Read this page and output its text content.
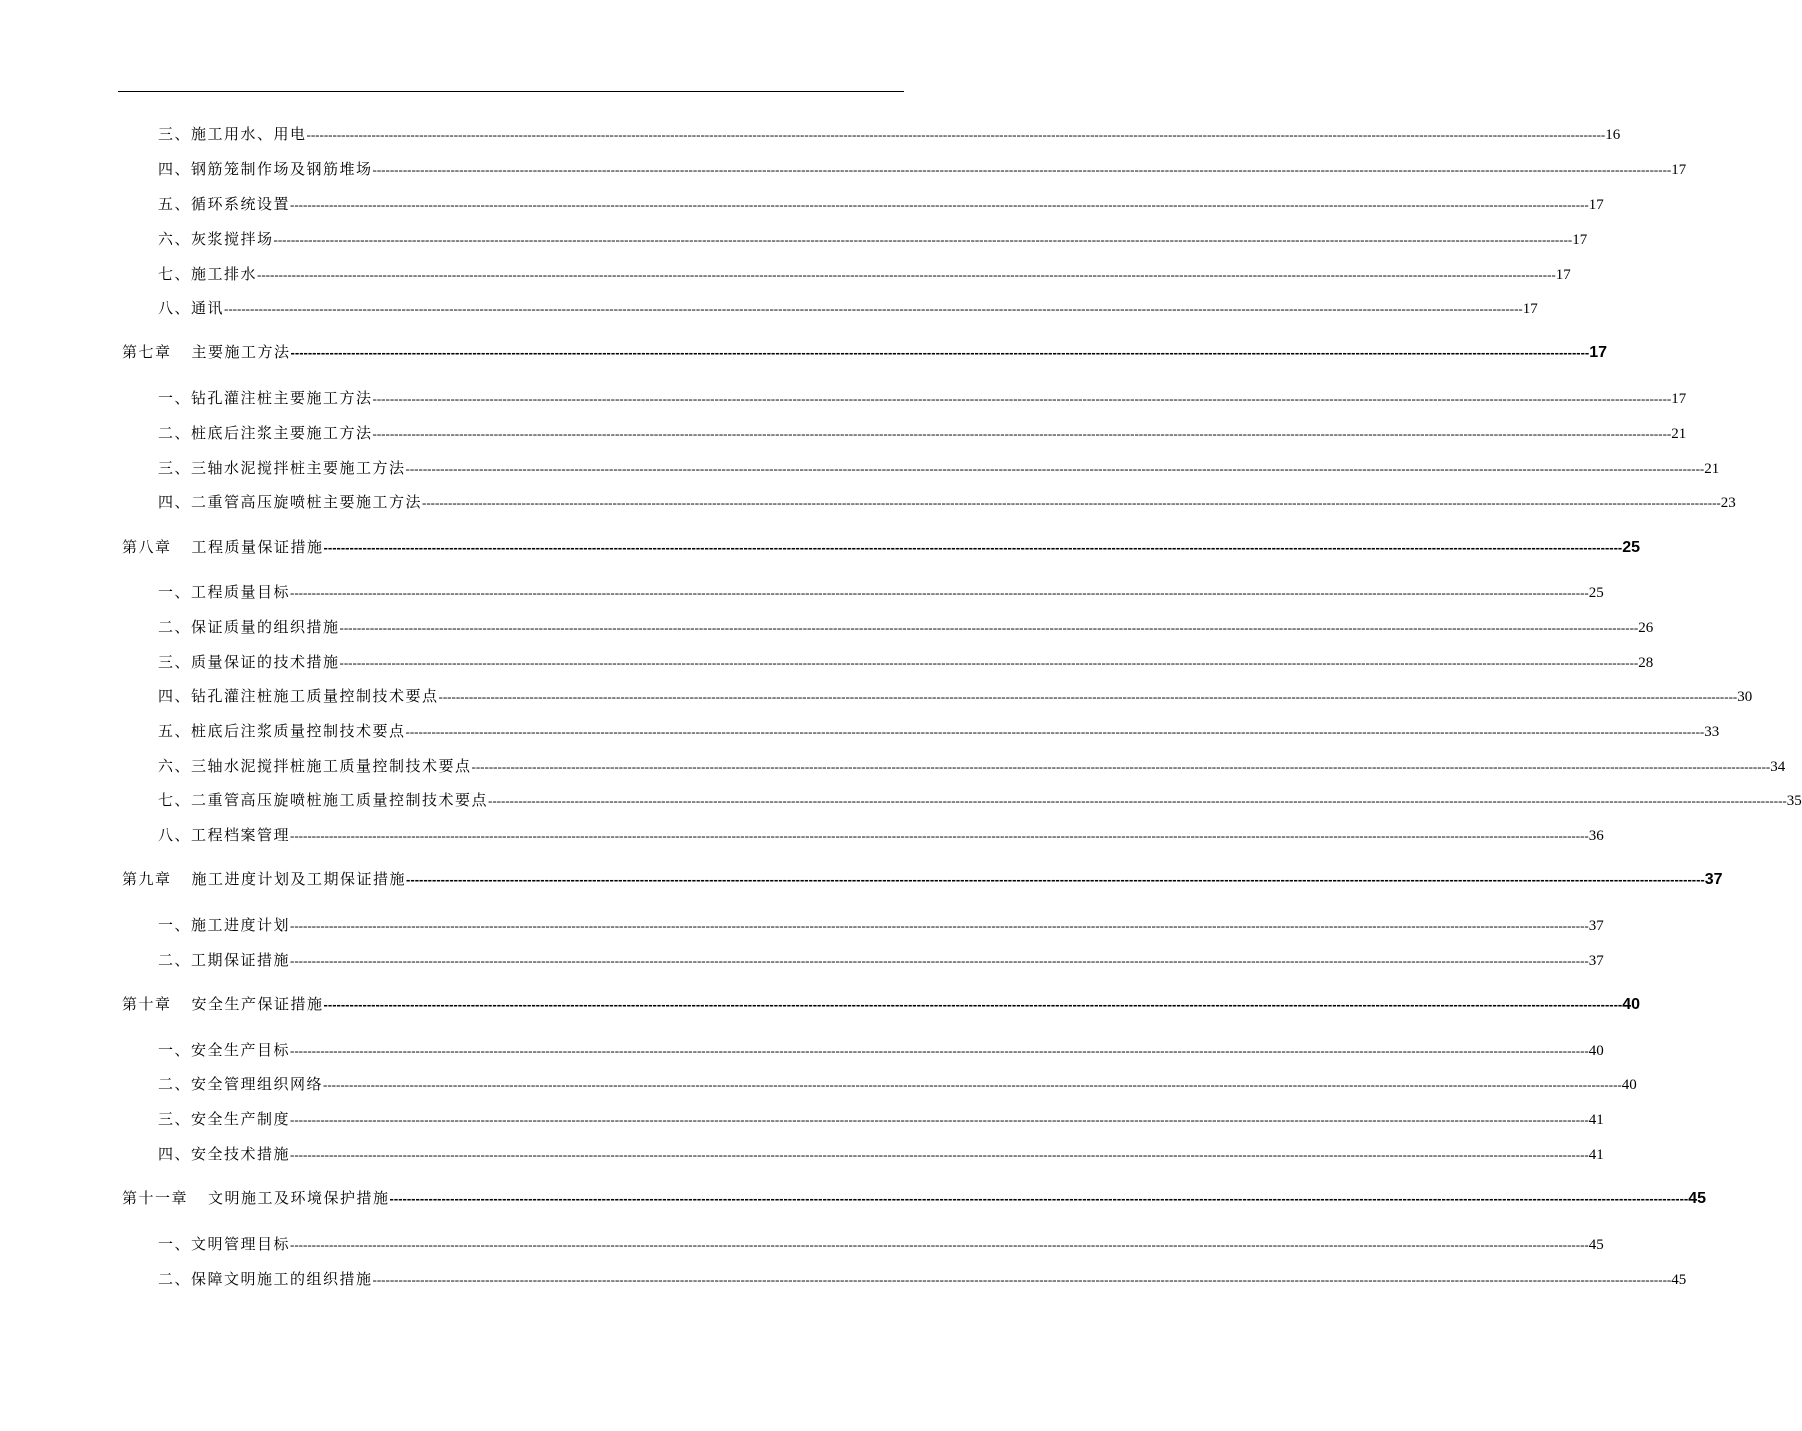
三、施工用水、用电 ------------------------------------------------------------------------------------------------------------------------------------------------------------------------------------------------------------------------------------------------------------------------------------------------------------ 16
四、钢筋笼制作场及钢筋堆场 ------------------------------------------------------------------------------------------------------------------------------------------------------------------------------------------------------------------------------------------------------------------------------------------------------------ 17
五、循环系统设置 ------------------------------------------------------------------------------------------------------------------------------------------------------------------------------------------------------------------------------------------------------------------------------------------------------------ 17
六、灰浆搅拌场 ------------------------------------------------------------------------------------------------------------------------------------------------------------------------------------------------------------------------------------------------------------------------------------------------------------ 17
七、施工排水 ------------------------------------------------------------------------------------------------------------------------------------------------------------------------------------------------------------------------------------------------------------------------------------------------------------ 17
八、通讯 ------------------------------------------------------------------------------------------------------------------------------------------------------------------------------------------------------------------------------------------------------------------------------------------------------------ 17
第七章 主要施工方法 ------------------------------------------------------------------------------------------------------------------------------------------------------------------------------------------------------------------------------------------------------------------------------------------------------------ 17
一、钻孔灌注桩主要施工方法 ------------------------------------------------------------------------------------------------------------------------------------------------------------------------------------------------------------------------------------------------------------------------------------------------------------ 17
二、桩底后注浆主要施工方法 ------------------------------------------------------------------------------------------------------------------------------------------------------------------------------------------------------------------------------------------------------------------------------------------------------------ 21
三、三轴水泥搅拌桩主要施工方法 ------------------------------------------------------------------------------------------------------------------------------------------------------------------------------------------------------------------------------------------------------------------------------------------------------------ 21
四、二重管高压旋喷桩主要施工方法 ------------------------------------------------------------------------------------------------------------------------------------------------------------------------------------------------------------------------------------------------------------------------------------------------------------ 23
第八章 工程质量保证措施 ------------------------------------------------------------------------------------------------------------------------------------------------------------------------------------------------------------------------------------------------------------------------------------------------------------ 25
一、工程质量目标 ------------------------------------------------------------------------------------------------------------------------------------------------------------------------------------------------------------------------------------------------------------------------------------------------------------ 25
二、保证质量的组织措施 ------------------------------------------------------------------------------------------------------------------------------------------------------------------------------------------------------------------------------------------------------------------------------------------------------------ 26
三、质量保证的技术措施 ------------------------------------------------------------------------------------------------------------------------------------------------------------------------------------------------------------------------------------------------------------------------------------------------------------ 28
四、钻孔灌注桩施工质量控制技术要点 ------------------------------------------------------------------------------------------------------------------------------------------------------------------------------------------------------------------------------------------------------------------------------------------------------------ 30
五、桩底后注浆质量控制技术要点 ------------------------------------------------------------------------------------------------------------------------------------------------------------------------------------------------------------------------------------------------------------------------------------------------------------ 33
六、三轴水泥搅拌桩施工质量控制技术要点 ------------------------------------------------------------------------------------------------------------------------------------------------------------------------------------------------------------------------------------------------------------------------------------------------------------ 34
七、二重管高压旋喷桩施工质量控制技术要点 ------------------------------------------------------------------------------------------------------------------------------------------------------------------------------------------------------------------------------------------------------------------------------------------------------------ 35
八、工程档案管理 ------------------------------------------------------------------------------------------------------------------------------------------------------------------------------------------------------------------------------------------------------------------------------------------------------------ 36
第九章 施工进度计划及工期保证措施 ------------------------------------------------------------------------------------------------------------------------------------------------------------------------------------------------------------------------------------------------------------------------------------------------------------ 37
一、施工进度计划 ------------------------------------------------------------------------------------------------------------------------------------------------------------------------------------------------------------------------------------------------------------------------------------------------------------ 37
二、工期保证措施 ------------------------------------------------------------------------------------------------------------------------------------------------------------------------------------------------------------------------------------------------------------------------------------------------------------ 37
第十章 安全生产保证措施 ------------------------------------------------------------------------------------------------------------------------------------------------------------------------------------------------------------------------------------------------------------------------------------------------------------ 40
一、安全生产目标 ------------------------------------------------------------------------------------------------------------------------------------------------------------------------------------------------------------------------------------------------------------------------------------------------------------ 40
二、安全管理组织网络 ------------------------------------------------------------------------------------------------------------------------------------------------------------------------------------------------------------------------------------------------------------------------------------------------------------ 40
三、安全生产制度 ------------------------------------------------------------------------------------------------------------------------------------------------------------------------------------------------------------------------------------------------------------------------------------------------------------ 41
四、安全技术措施 ------------------------------------------------------------------------------------------------------------------------------------------------------------------------------------------------------------------------------------------------------------------------------------------------------------ 41
第十一章 文明施工及环境保护措施 ------------------------------------------------------------------------------------------------------------------------------------------------------------------------------------------------------------------------------------------------------------------------------------------------------------ 45
一、文明管理目标 ------------------------------------------------------------------------------------------------------------------------------------------------------------------------------------------------------------------------------------------------------------------------------------------------------------ 45
二、保障文明施工的组织措施 ------------------------------------------------------------------------------------------------------------------------------------------------------------------------------------------------------------------------------------------------------------------------------------------------------------ 45
